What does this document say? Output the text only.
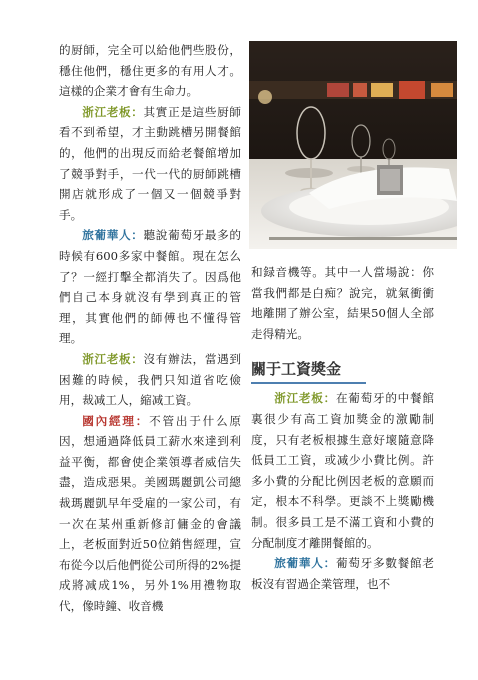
的厨師，完全可以給他們些股份，穩住他們，穩住更多的有用人才。這樣的企業才會有生命力。

浙江老板：其實正是這些厨師看不到希望，才主動跳槽另開餐館的，他們的出現反而給老餐館增加了競爭對手，一代一代的厨師跳槽開店就形成了一個又一個競爭對手。

旅葡華人：聽說葡萄牙最多的時候有600多家中餐館。現在怎么了？一經打擊全都消失了。因爲他們自己本身就沒有學到真正的管理，其實他們的師傅也不懂得管理。

浙江老板：沒有辦法，當遇到困難的時候，我們只知道省吃儉用，裁减工人，縮减工資。

國內經理：不管出于什么原因，想通過降低員工薪水來達到利益平衡，都會使企業領導者威信失盡，造成惡果。美國瑪麗凱公司總裁瑪麗凱早年受雇的一家公司，有一次在某州重新修訂傭金的會議上，老板面對近50位銷售經理，宣布從今以后他們從公司所得的2%提成將减成1%，另外1%用禮物取代，像時鐘、收音機

和録音機等。其中一人當場說：你當我們都是白痴？說完，就氣衝衝地離開了辦公室，結果50個人全部走得精光。

關于工資獎金

浙江老板：在葡萄牙的中餐館裏很少有高工資加獎金的激勵制度，只有老板根據生意好壞隨意降低員工工資，或减少小費比例。許多小費的分配比例因老板的意願而定，根本不科學。更談不上獎勵機制。很多員工是不滿工資和小費的分配制度才離開餐館的。

旅葡華人：葡萄牙多數餐館老板沒有習過企業管理，也不
